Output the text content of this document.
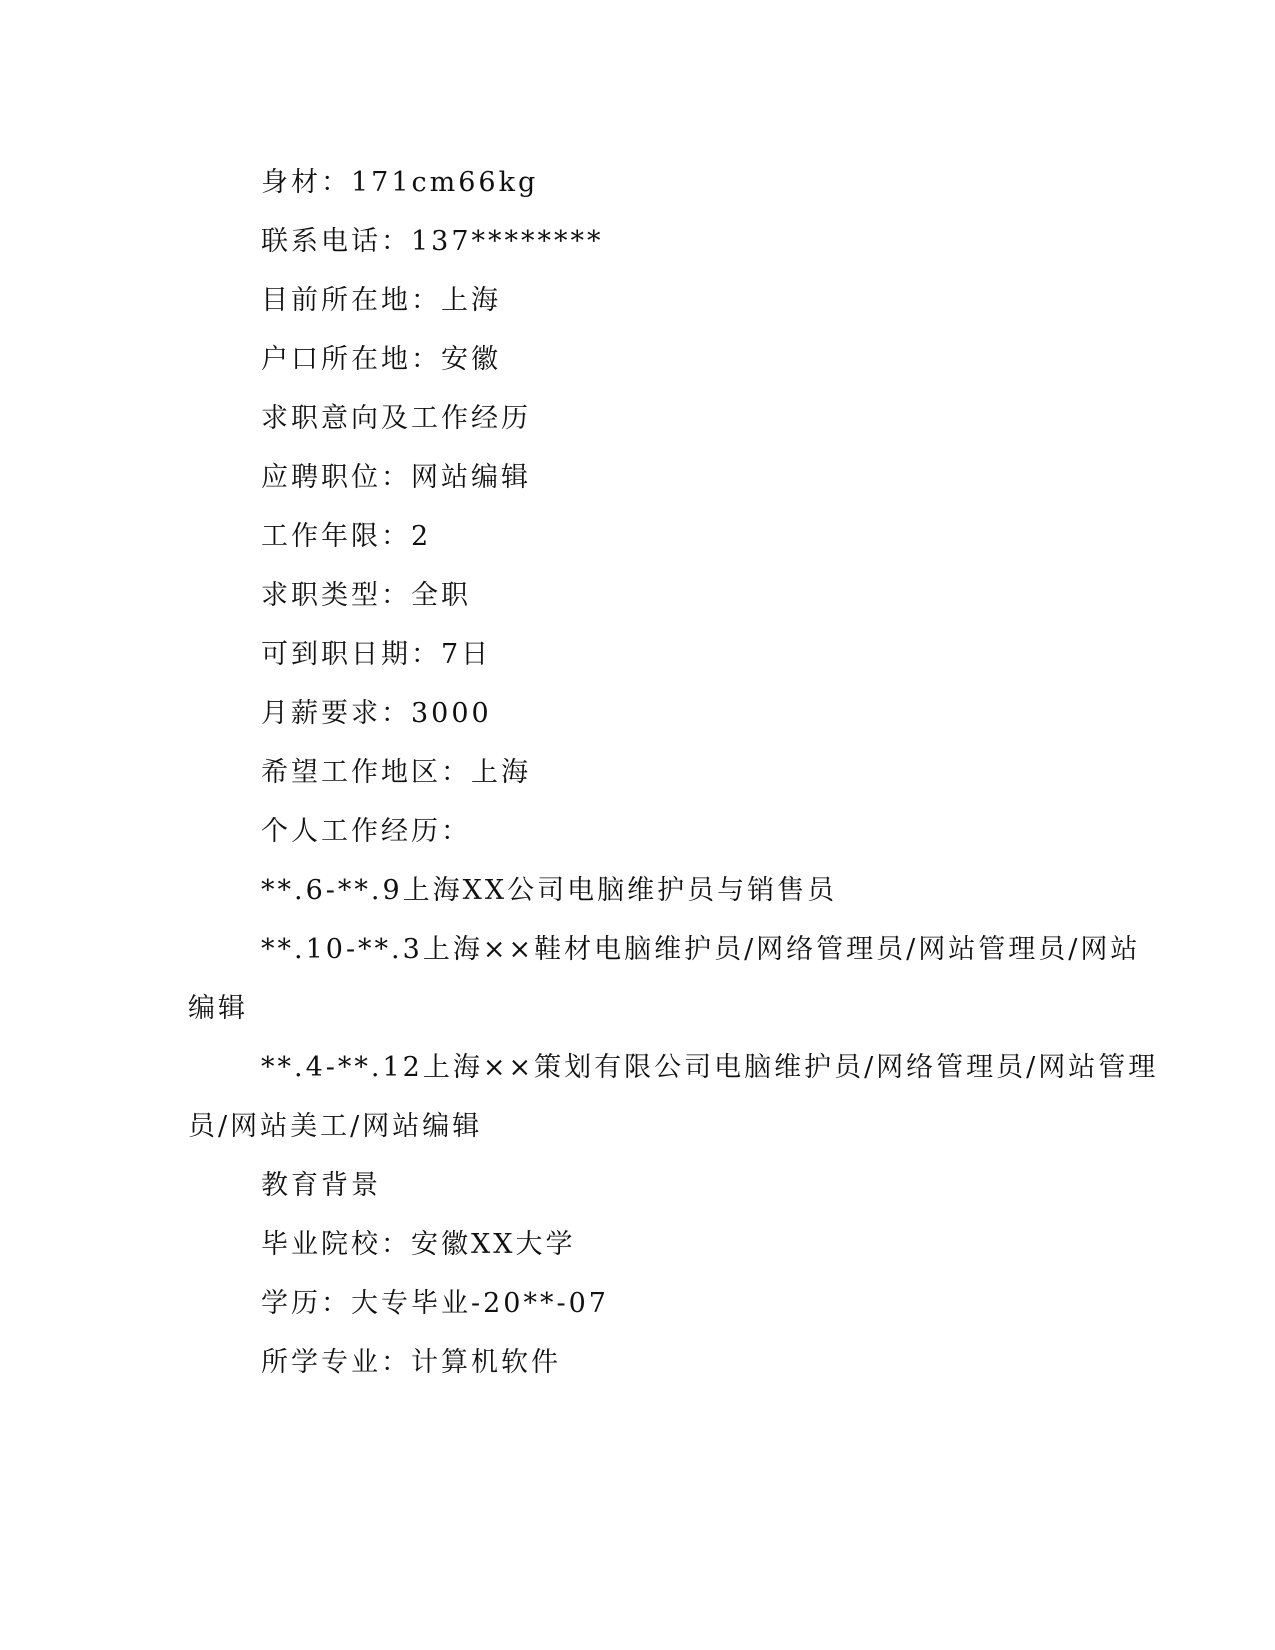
身材：171cm66kg
联系电话：137********
目前所在地：上海
户口所在地：安徽
求职意向及工作经历
应聘职位：网站编辑
工作年限：2
求职类型：全职
可到职日期：7日
月薪要求：3000
希望工作地区：上海
个人工作经历：
**.6-**.9上海XX公司电脑维护员与销售员
**.10-**.3上海××鞋材电脑维护员/网络管理员/网站管理员/网站
编辑
**.4-**.12上海××策划有限公司电脑维护员/网络管理员/网站管理
员/网站美工/网站编辑
教育背景
毕业院校：安徽XX大学
学历：大专毕业-20**-07
所学专业：计算机软件
